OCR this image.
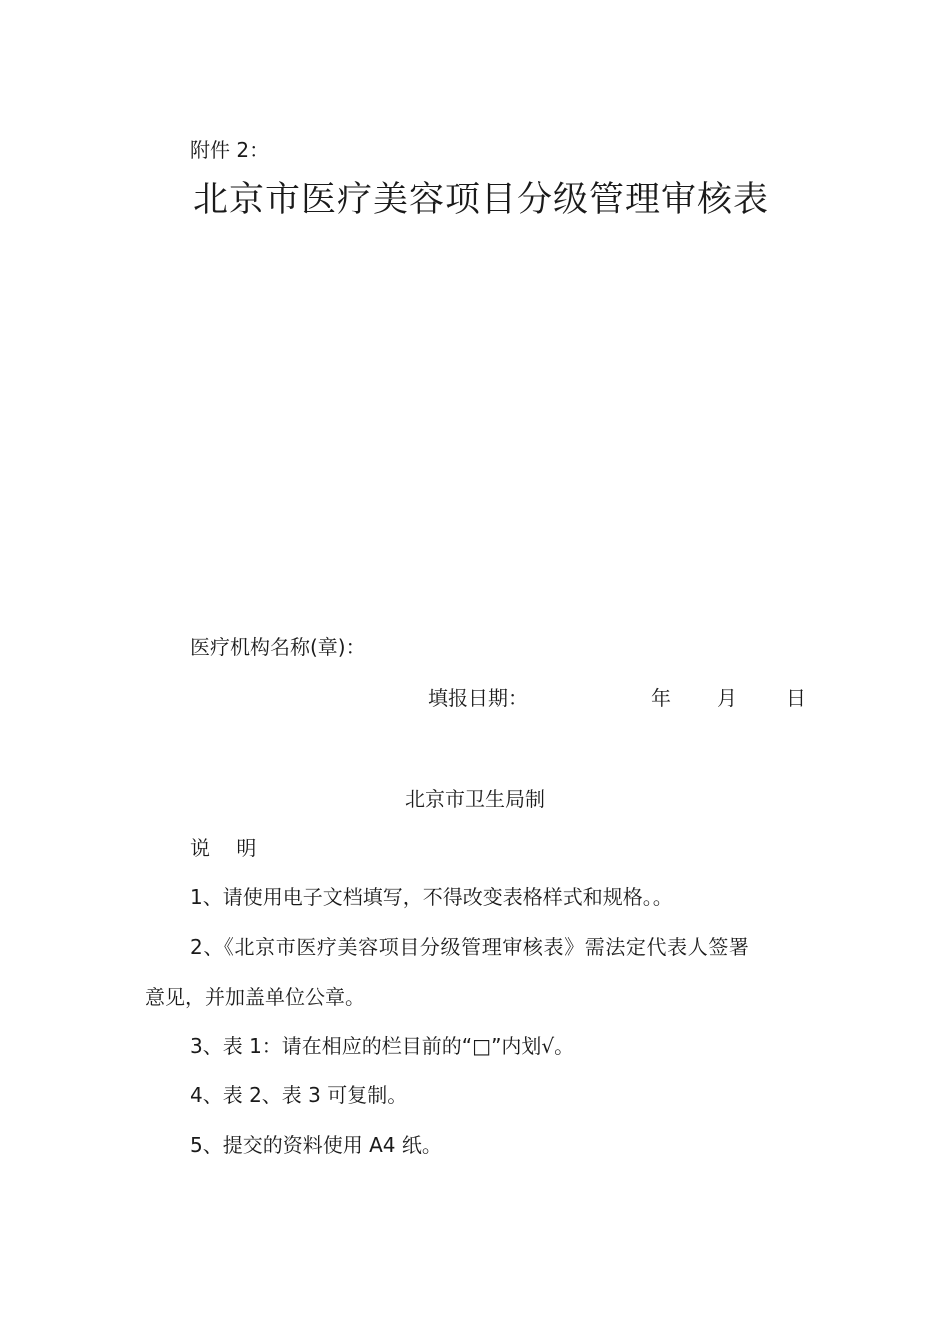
附件 2：
北京市医疗美容项目分级管理审核表
医疗机构名称(章)：
填报日期：	年 月 日
北京市卫生局制
说 明
1、请使用电子文档填写，不得改变表格样式和规格。。
2、《北京市医疗美容项目分级管理审核表》需法定代表人签署
意见，并加盖单位公章。
3、表 1：请在相应的栏目前的“□”内划√。
4、表 2、表 3 可复制。
5、提交的资料使用 A4 纸。
